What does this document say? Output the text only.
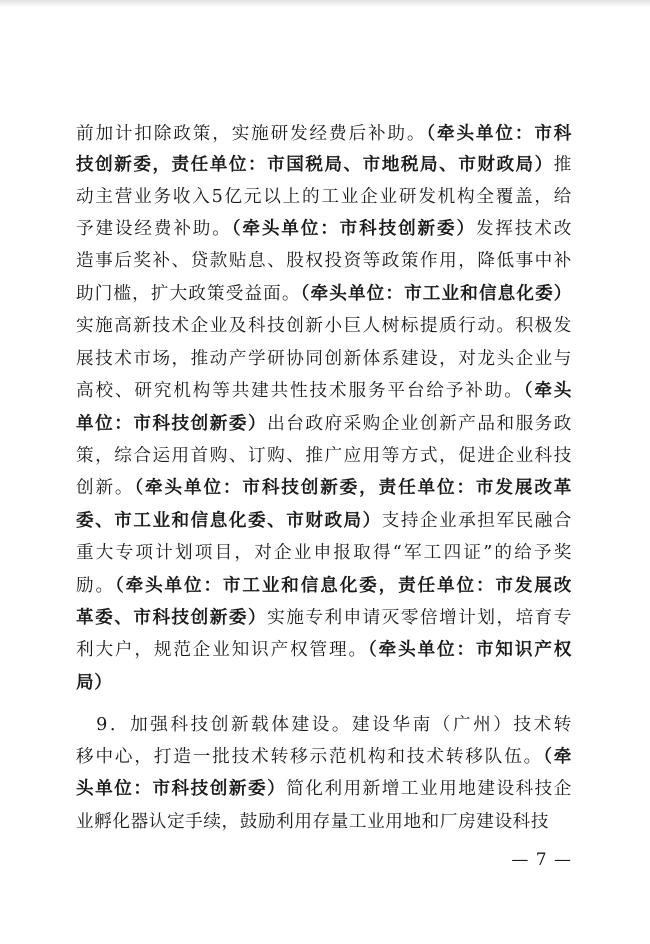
前加计扣除政策，实施研发经费后补助。（牵头单位：市科
技创新委，责任单位：市国税局、市地税局、市财政局）推
动主营业务收入5亿元以上的工业企业研发机构全覆盖，给
予建设经费补助。（牵头单位：市科技创新委）发挥技术改
造事后奖补、贷款贴息、股权投资等政策作用，降低事中补
助门槛，扩大政策受益面。（牵头单位：市工业和信息化委）
实施高新技术企业及科技创新小巨人树标提质行动。积极发
展技术市场，推动产学研协同创新体系建设，对龙头企业与
高校、研究机构等共建共性技术服务平台给予补助。（牵头
单位：市科技创新委）出台政府采购企业创新产品和服务政
策，综合运用首购、订购、推广应用等方式，促进企业科技
创新。（牵头单位：市科技创新委，责任单位：市发展改革
委、市工业和信息化委、市财政局）支持企业承担军民融合
重大专项计划项目，对企业申报取得“军工四证”的给予奖
励。（牵头单位：市工业和信息化委，责任单位：市发展改
革委、市科技创新委）实施专利申请灭零倍增计划，培育专
利大户，规范企业知识产权管理。（牵头单位：市知识产权
局）
　9．加强科技创新载体建设。建设华南（广州）技术转
移中心，打造一批技术转移示范机构和技术转移队伍。（牵
头单位：市科技创新委）简化利用新增工业用地建设科技企
业孵化器认定手续，鼓励利用存量工业用地和厂房建设科技
— 7 —
